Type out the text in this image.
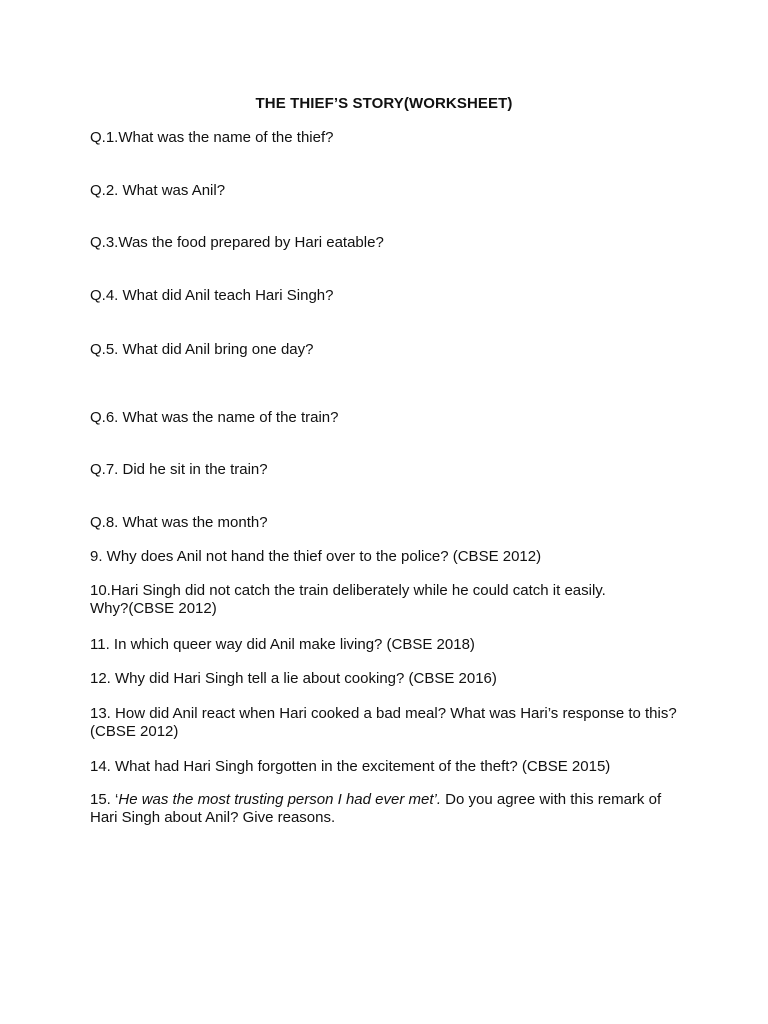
THE THIEF’S STORY(WORKSHEET)
Q.1.What was the name of the thief?
Q.2. What was Anil?
Q.3.Was the food prepared by Hari eatable?
Q.4. What did Anil teach Hari Singh?
Q.5. What did Anil bring one day?
Q.6. What was the name of the train?
Q.7. Did he sit in the train?
Q.8. What was the month?
9. Why does Anil not hand the thief over to the police? (CBSE 2012)
10.Hari Singh did not catch the train deliberately while he could catch it easily. Why?(CBSE 2012)
11. In which queer way did Anil make living? (CBSE 2018)
12. Why did Hari Singh tell a lie about cooking? (CBSE 2016)
13. How did Anil react when Hari cooked a bad meal? What was Hari’s response to this? (CBSE 2012)
14. What had Hari Singh forgotten in the excitement of the theft? (CBSE 2015)
15. ‘He was the most trusting person I had ever met’. Do you agree with this remark of Hari Singh about Anil? Give reasons.
